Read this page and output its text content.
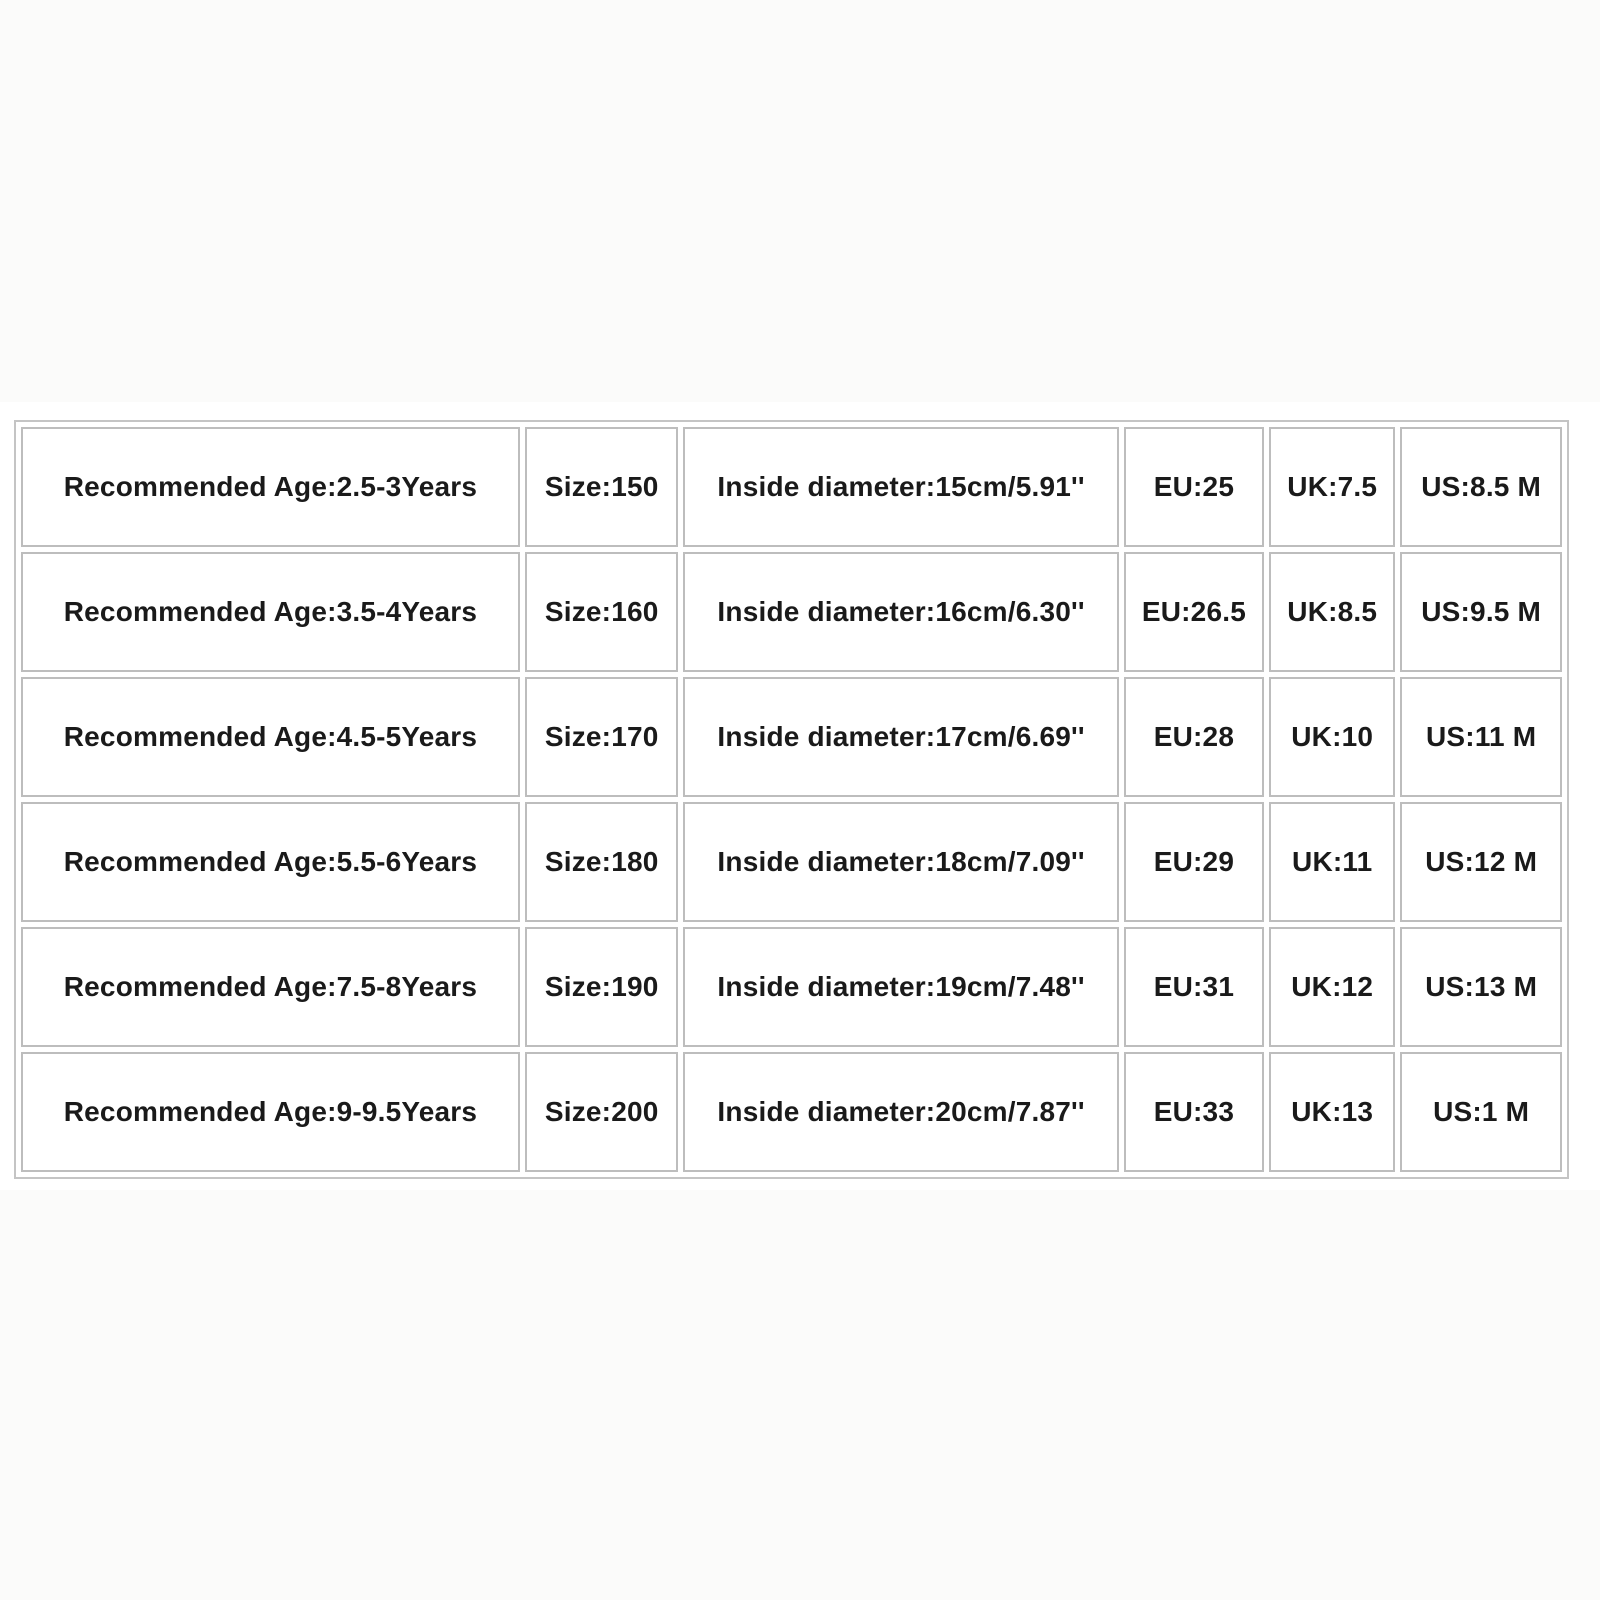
Recommended Age:2.5-3Years	Size:150	Inside diameter:15cm/5.91''	EU:25	UK:7.5	US:8.5 M
Recommended Age:3.5-4Years	Size:160	Inside diameter:16cm/6.30''	EU:26.5	UK:8.5	US:9.5 M
Recommended Age:4.5-5Years	Size:170	Inside diameter:17cm/6.69''	EU:28	UK:10	US:11 M
Recommended Age:5.5-6Years	Size:180	Inside diameter:18cm/7.09''	EU:29	UK:11	US:12 M
Recommended Age:7.5-8Years	Size:190	Inside diameter:19cm/7.48''	EU:31	UK:12	US:13 M
Recommended Age:9-9.5Years	Size:200	Inside diameter:20cm/7.87''	EU:33	UK:13	US:1 M
